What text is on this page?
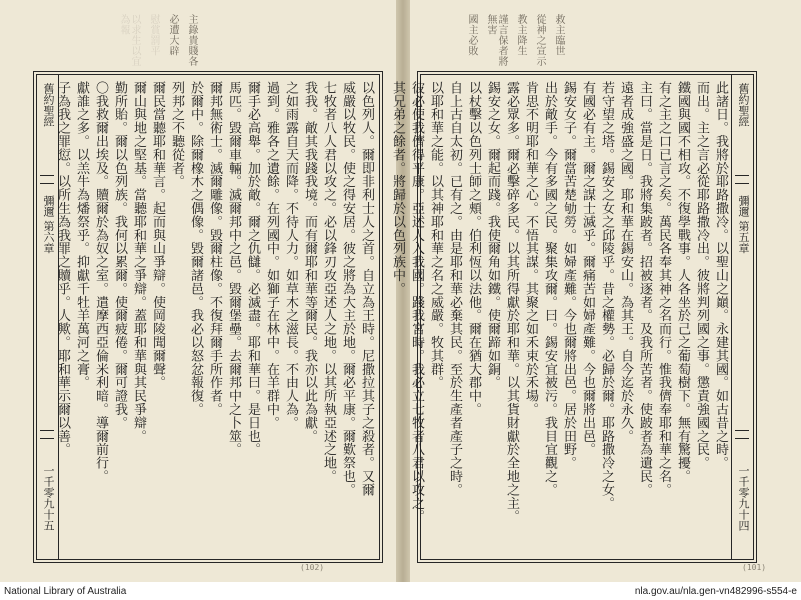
主錄貴賤各
必遭大辟
慰賞罰平
以求生以宜為報
舊約聖經
彌邇 第六章
一千零九十五
以色列人。爾即非利士人之首。自立為王時。尼撒拉其子之殺者。又爾
威嚴以牧民。使之得安居。彼之將為大主於地。爾必平康。爾歎祭也。
七牧者八人君以攻之。必以鋒刃攻亞述人之地。以其所執亞述之地。
我我。敵其我踐我境。而有爾耶和華等爾民。我亦以此為獻。
之如雨露自天而降。不待人力。如草木之滋長。不由人為。
過到。雅各之遺餘。在列國中。如獅子在林中。在羊群中。
爾手必高舉。加於敵。爾之仇讎。必滅盡。耶和華曰。是日也。
馬匹。毀爾車輛。滅爾邦中之邑。毀爾堡壘。去爾邦中之卜筮。
爾邦無術士。滅爾雕像。毀爾柱像。不復拜爾手所作者。
於爾中。除爾橡木之偶像。毀爾諸邑。我必以怒忿報復。
列邦之不聽從者。
爾民當聽耶和華言。起而與山爭辯。使岡陵聞爾聲。
爾山與地之堅基。當聽耶和華之爭辯。蓋耶和華與其民爭辯。
勤所貽。爾以色列族。我何以累爾。使爾疲倦。爾可證我。
〇我救爾出埃及。贖爾於為奴之室。遣摩西亞倫米利暗。導爾前行。
獻誰之多。以羔牛為燔祭乎。抑獻千牡羊萬河之膏。
子為我之罪愆。以所生為我罪之贖乎。人歟。耶和華示爾以善。
(102)
救主臨世
從神之宣示
教主降生
謹言保者將無害
國主必敗
此諸日。我將於耶路撒冷。以聖山之巔。永建其國。如古昔之時。
而出。主之言必從耶路撒冷出。彼將判列國之事。懲責強國之民。
鐵國與國不相攻。不復學戰事。人各坐於己之葡萄樹下。無有驚擾。
有之主之口已言之矣。萬民各奉其神之名而行。惟我儕奉耶和華之名。
主曰。當是日。我將集跛者。招被逐者。及我所苦者。使跛者為遺民。
遠者成強盛之國。耶和華在錫安山。為其王。自今迄於永久。
若守望之塔。錫安之女之邱陵乎。昔之權勢。必歸於爾。耶路撒冷之女。
有國必有主。爾之謀士滅乎。爾痛苦如婦產難。今也爾將出邑。
錫安女子。爾當苦楚劬勞。如婦產難。今也爾將出邑。居於田野。
出於敵手。今有多國之民。聚集攻爾。曰。錫安宜被污。我目宜觀之。
肯思不明耶和華之心。不悟其謀。其聚之如禾束於禾場。
露必眾多。爾必擊碎多民。以其所得獻於耶和華。以其貨財獻於全地之主。
錫安之女。爾起而踐。我使爾角如鐵。使爾蹄如銅。
以杖擊以色列士師之頰。伯利恆以法他。爾在猶大郡中。
自上古自太初。已有之。由是耶和華必棄其民。至於生產者產子之時。
以耶和華之能。以其神耶和華之名之威嚴。牧其群。
彼必使我儕得平康。亞述人入我國。踐我宮時。我必立七牧者八君以攻之。
其兄弟之餘者。將歸於以色列族中。	舊約聖經
彌邇 第五章
一千零九十四
(101)
National Library of Australia	nla.gov.au/nla.gen-vn482996-s554-e
